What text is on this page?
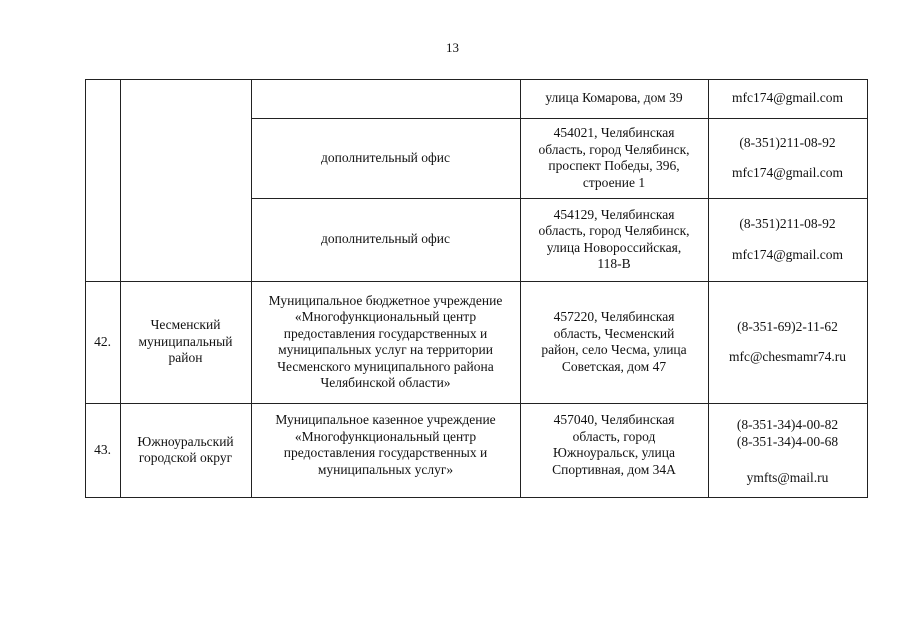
13
улица Комарова, дом 39	mfc174@gmail.com
дополнительный офис
454021, Челябинская
область, город Челябинск,
проспект Победы, 396,
строение 1
(8-351)211-08-92
mfc174@gmail.com
дополнительный офис
454129, Челябинская
область, город Челябинск,
улица Новороссийская,
118-В
(8-351)211-08-92
mfc174@gmail.com
42.
Чесменский
муниципальный
район
Муниципальное бюджетное учреждение
«Многофункциональный центр
предоставления государственных и
муниципальных услуг на территории
Чесменского муниципального района
Челябинской области»
457220, Челябинская
область, Чесменский
район, село Чесма, улица
Советская, дом 47
(8-351-69)2-11-62
mfc@chesmamr74.ru
43.
Южноуральский
городской округ
Муниципальное казенное учреждение
«Многофункциональный центр
предоставления государственных и
муниципальных услуг»
457040, Челябинская
область, город
Южноуральск, улица
Спортивная, дом 34А
(8-351-34)4-00-82
(8-351-34)4-00-68
ymfts@mail.ru
